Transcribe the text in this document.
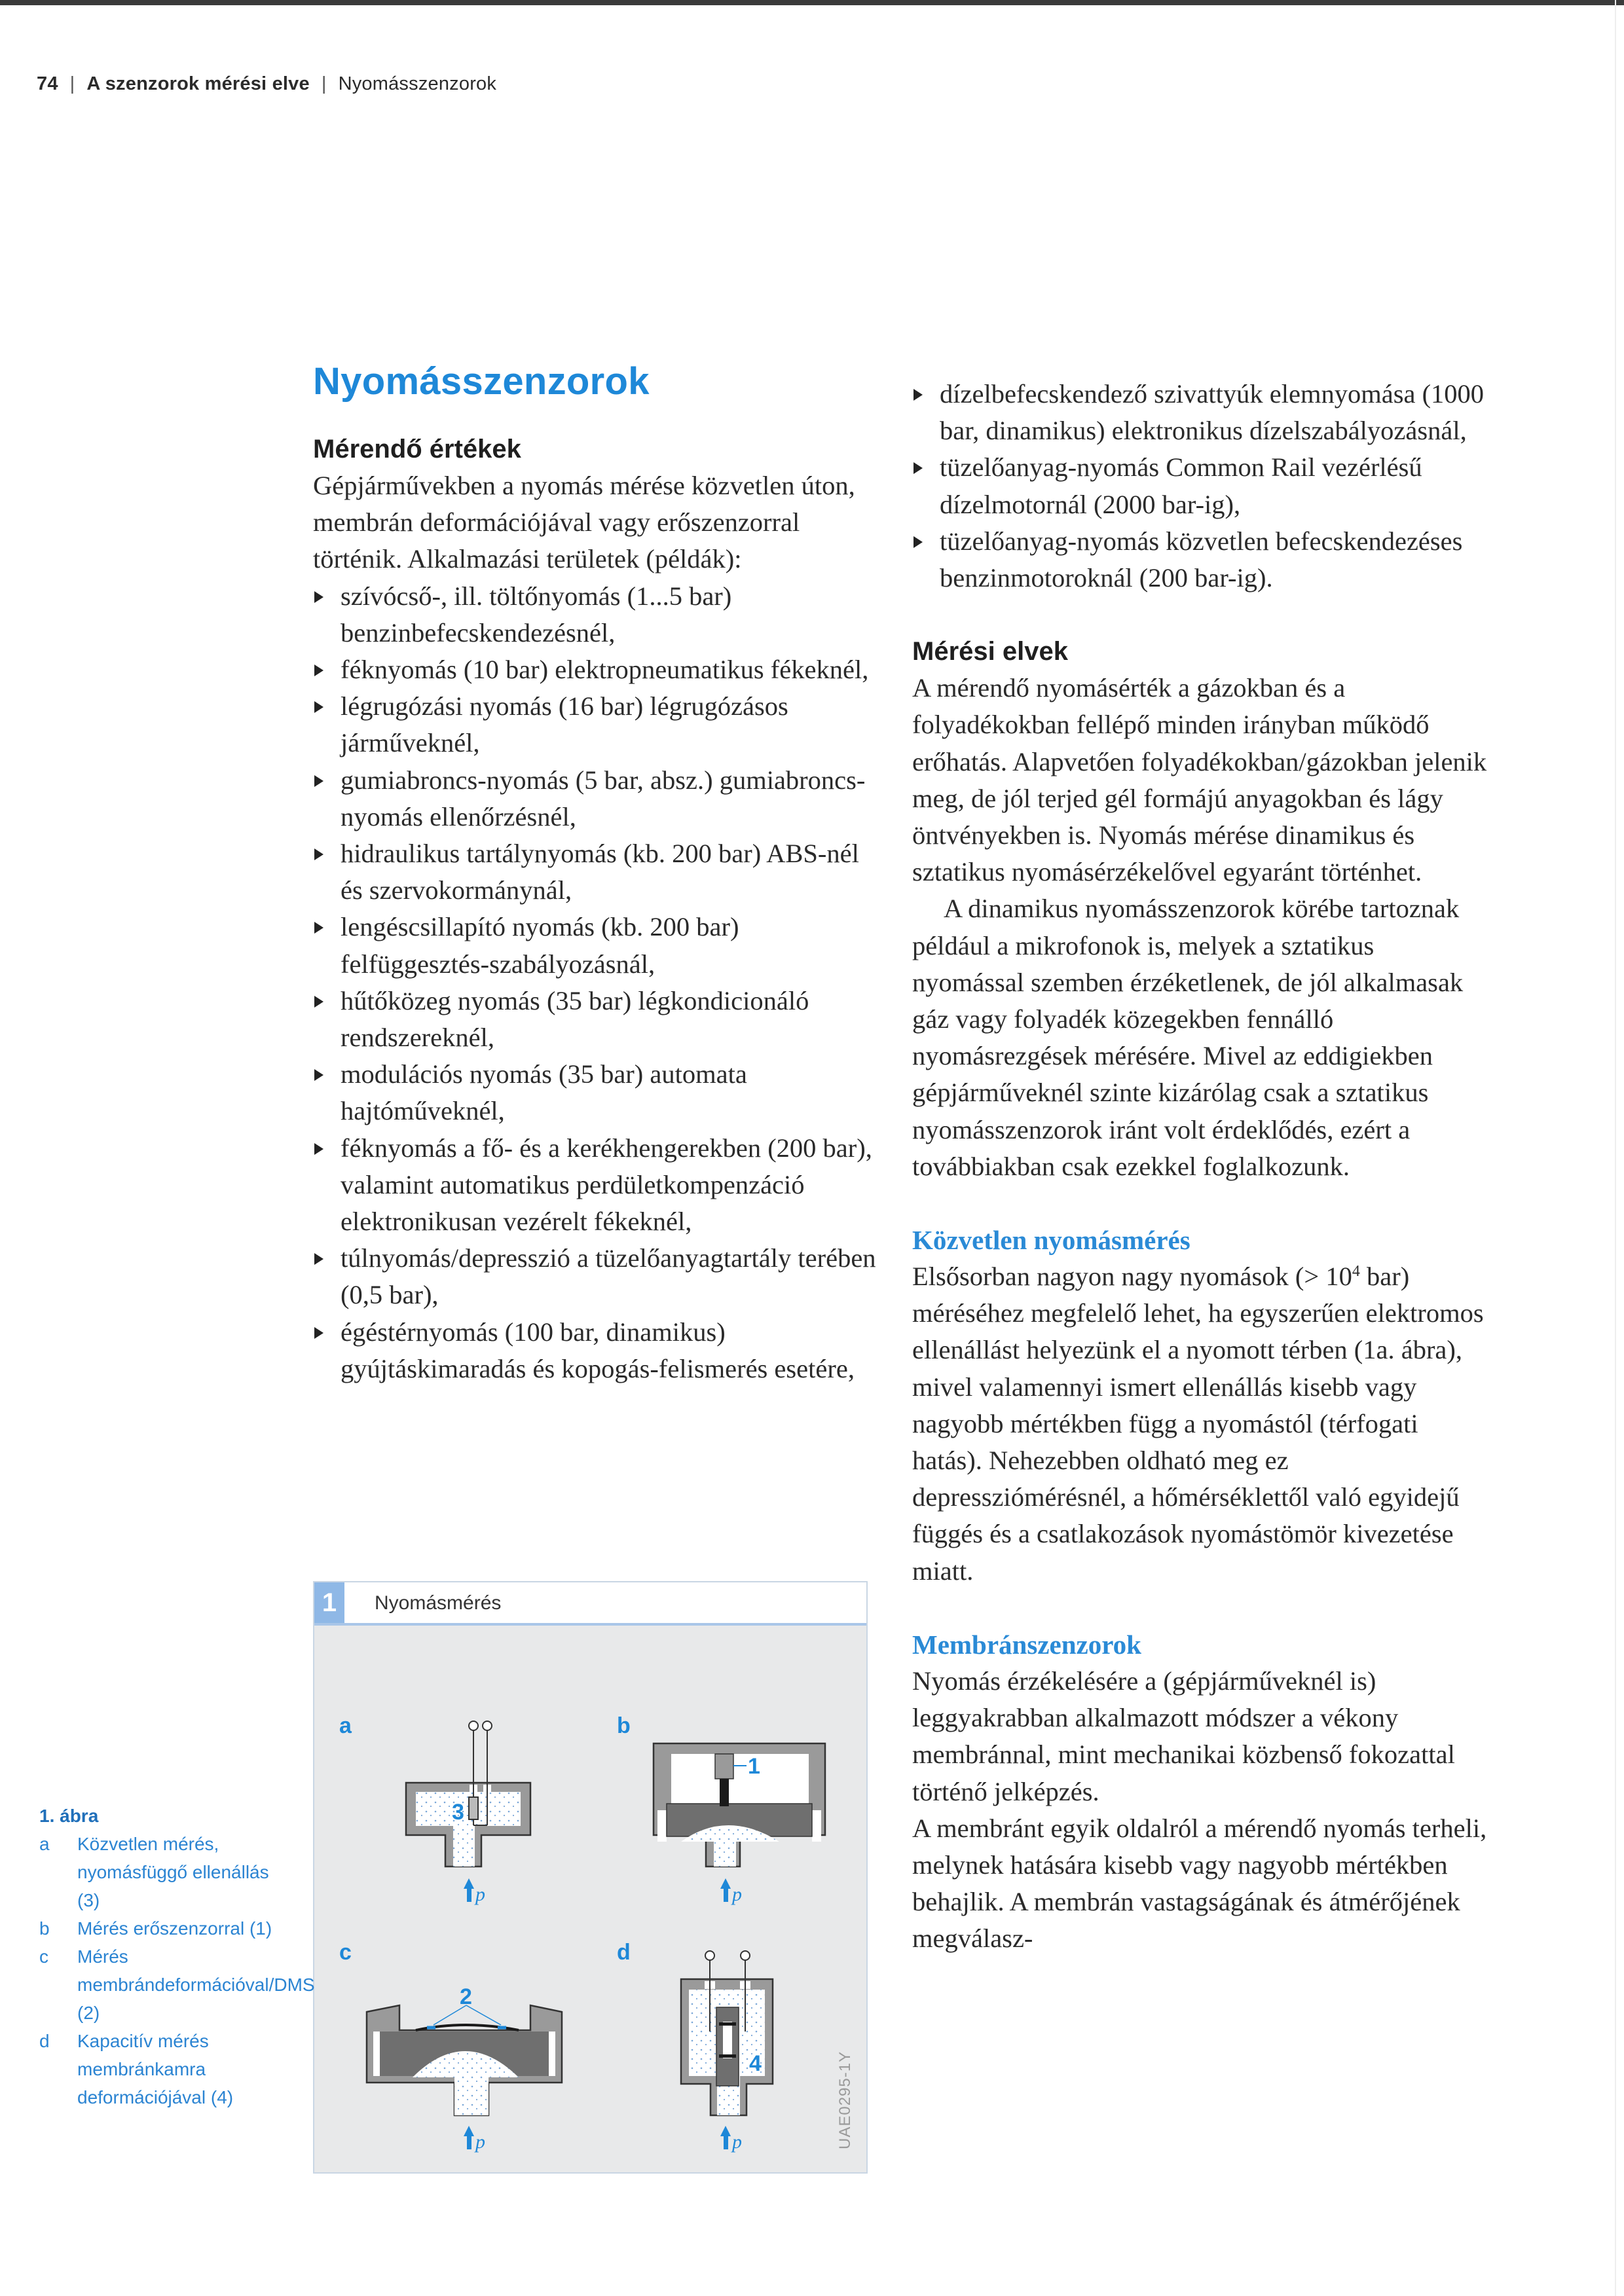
74 | A szenzorok mérési elve | Nyomásszenzorok
Nyomásszenzorok
Mérendő értékek

Gépjárművekben a nyomás mérése közvetlen úton, membrán deformációjával vagy erőszenzorral történik. Alkalmazási területek (példák):

szívócső-, ill. töltőnyomás (1...5 bar) benzinbefecskendezésnél,
féknyomás (10 bar) elektropneumatikus fékeknél,
légrugózási nyomás (16 bar) légrugózásos járműveknél,
gumiabroncs-nyomás (5 bar, absz.) gumiabroncs-nyomás ellenőrzésnél,
hidraulikus tartálynyomás (kb. 200 bar) ABS-nél és szervokormánynál,
lengéscsillapító nyomás (kb. 200 bar) felfüggesztés-szabályozásnál,
hűtőközeg nyomás (35 bar) légkondicionáló rendszereknél,
modulációs nyomás (35 bar) automata hajtóműveknél,
féknyomás a fő- és a kerékhengerekben (200 bar), valamint automatikus perdületkompenzáció elektronikusan vezérelt fékeknél,
túlnyomás/depresszió a tüzelőanyagtartály terében (0,5 bar),
égéstérnyomás (100 bar, dinamikus) gyújtáskimaradás és kopogás-felismerés esetére,
dízelbefecskendező szivattyúk elemnyomása (1000 bar, dinamikus) elektronikus dízelszabályozásnál,
tüzelőanyag-nyomás Common Rail vezérlésű dízelmotornál (2000 bar-ig),
tüzelőanyag-nyomás közvetlen befecskendezéses benzinmotoroknál (200 bar-ig).
Mérési elvek

A mérendő nyomásérték a gázokban és a folyadékokban fellépő minden irányban működő erőhatás. Alapvetően folyadékokban/gázokban jelenik meg, de jól terjed gél formájú anyagokban és lágy öntvényekben is. Nyomás mérése dinamikus és sztatikus nyomásérzékelővel egyaránt történhet.

A dinamikus nyomásszenzorok körébe tartoznak például a mikrofonok is, melyek a sztatikus nyomással szemben érzéketlenek, de jól alkalmasak gáz vagy folyadék közegekben fennálló nyomásrezgések mérésére. Mivel az eddigiekben gépjárműveknél szinte kizárólag csak a sztatikus nyomásszenzorok iránt volt érdeklődés, ezért a továbbiakban csak ezekkel foglalkozunk.

Közvetlen nyomásmérés

Elsősorban nagyon nagy nyomások (> $10^4$ bar) méréséhez megfelelő lehet, ha egyszerűen elektromos ellenállást helyezünk el a nyomott térben (1a. ábra), mivel valamennyi ismert ellenállás kisebb vagy nagyobb mértékben függ a nyomástól (térfogati hatás). Nehezebben oldható meg ez depressziómérésnél, a hőmérséklettől való egyidejű függés és a csatlakozások nyomástömör kivezetése miatt.

Membránszenzorok

Nyomás érzékelésére a (gépjárműveknél is) leggyakrabban alkalmazott módszer a vékony membránnal, mint mechanikai közbenső fokozattal történő jelképzés.

A membránt egyik oldalról a mérendő nyomás terheli, melynek hatására kisebb vagy nagyobb mértékben behajlik. A membrán vastagságának és átmérőjének megválasz-

1	Nyomásmérés
a	b
c	d
3
p
1
p
2
p
4
p	UAE0295-1Y
1. ábra
a	Közvetlen mérés, nyomásfüggő ellenállás (3)
b	Mérés erőszenzorral (1)
c	Mérés membrándeformációval/DMS (2)
d	Kapacitív mérés membránkamra deformációjával (4)
